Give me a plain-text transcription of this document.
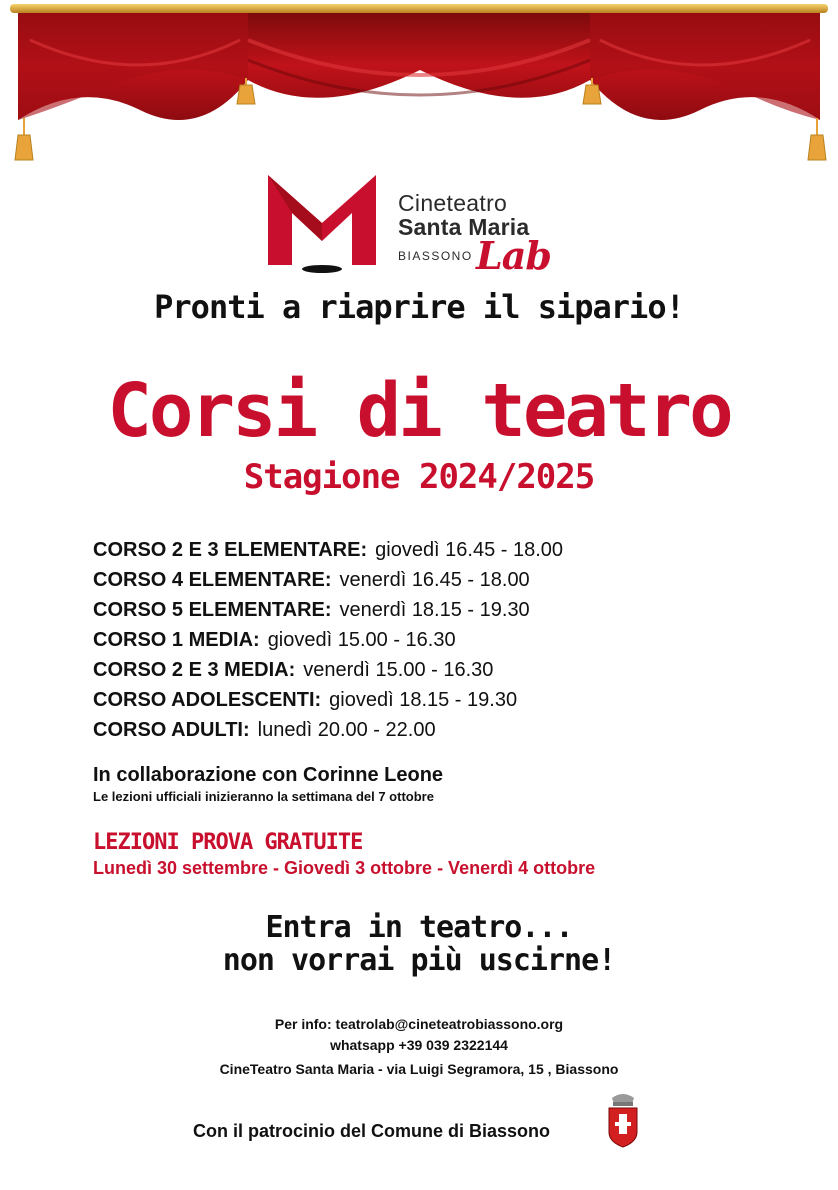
Cineteatro
Santa Maria
BIASSONO Lab
Pronti a riaprire il sipario!
Corsi di teatro
Stagione 2024/2025
CORSO 2 E 3 ELEMENTARE: giovedì 16.45 - 18.00
CORSO 4 ELEMENTARE: venerdì 16.45 - 18.00
CORSO 5 ELEMENTARE: venerdì 18.15 - 19.30
CORSO 1 MEDIA: giovedì 15.00 - 16.30
CORSO 2 E 3 MEDIA: venerdì 15.00 - 16.30
CORSO ADOLESCENTI: giovedì 18.15 - 19.30
CORSO ADULTI: lunedì 20.00 - 22.00
In collaborazione con Corinne Leone
Le lezioni ufficiali inizieranno la settimana del 7 ottobre
LEZIONI PROVA GRATUITE
Lunedì 30 settembre - Giovedì 3 ottobre - Venerdì 4 ottobre
Entra in teatro...
non vorrai più uscirne!
Per info: teatrolab@cineteatrobiassono.org
whatsapp +39 039 2322144
CineTeatro Santa Maria - via Luigi Segramora, 15 , Biassono
Con il patrocinio del Comune di Biassono
